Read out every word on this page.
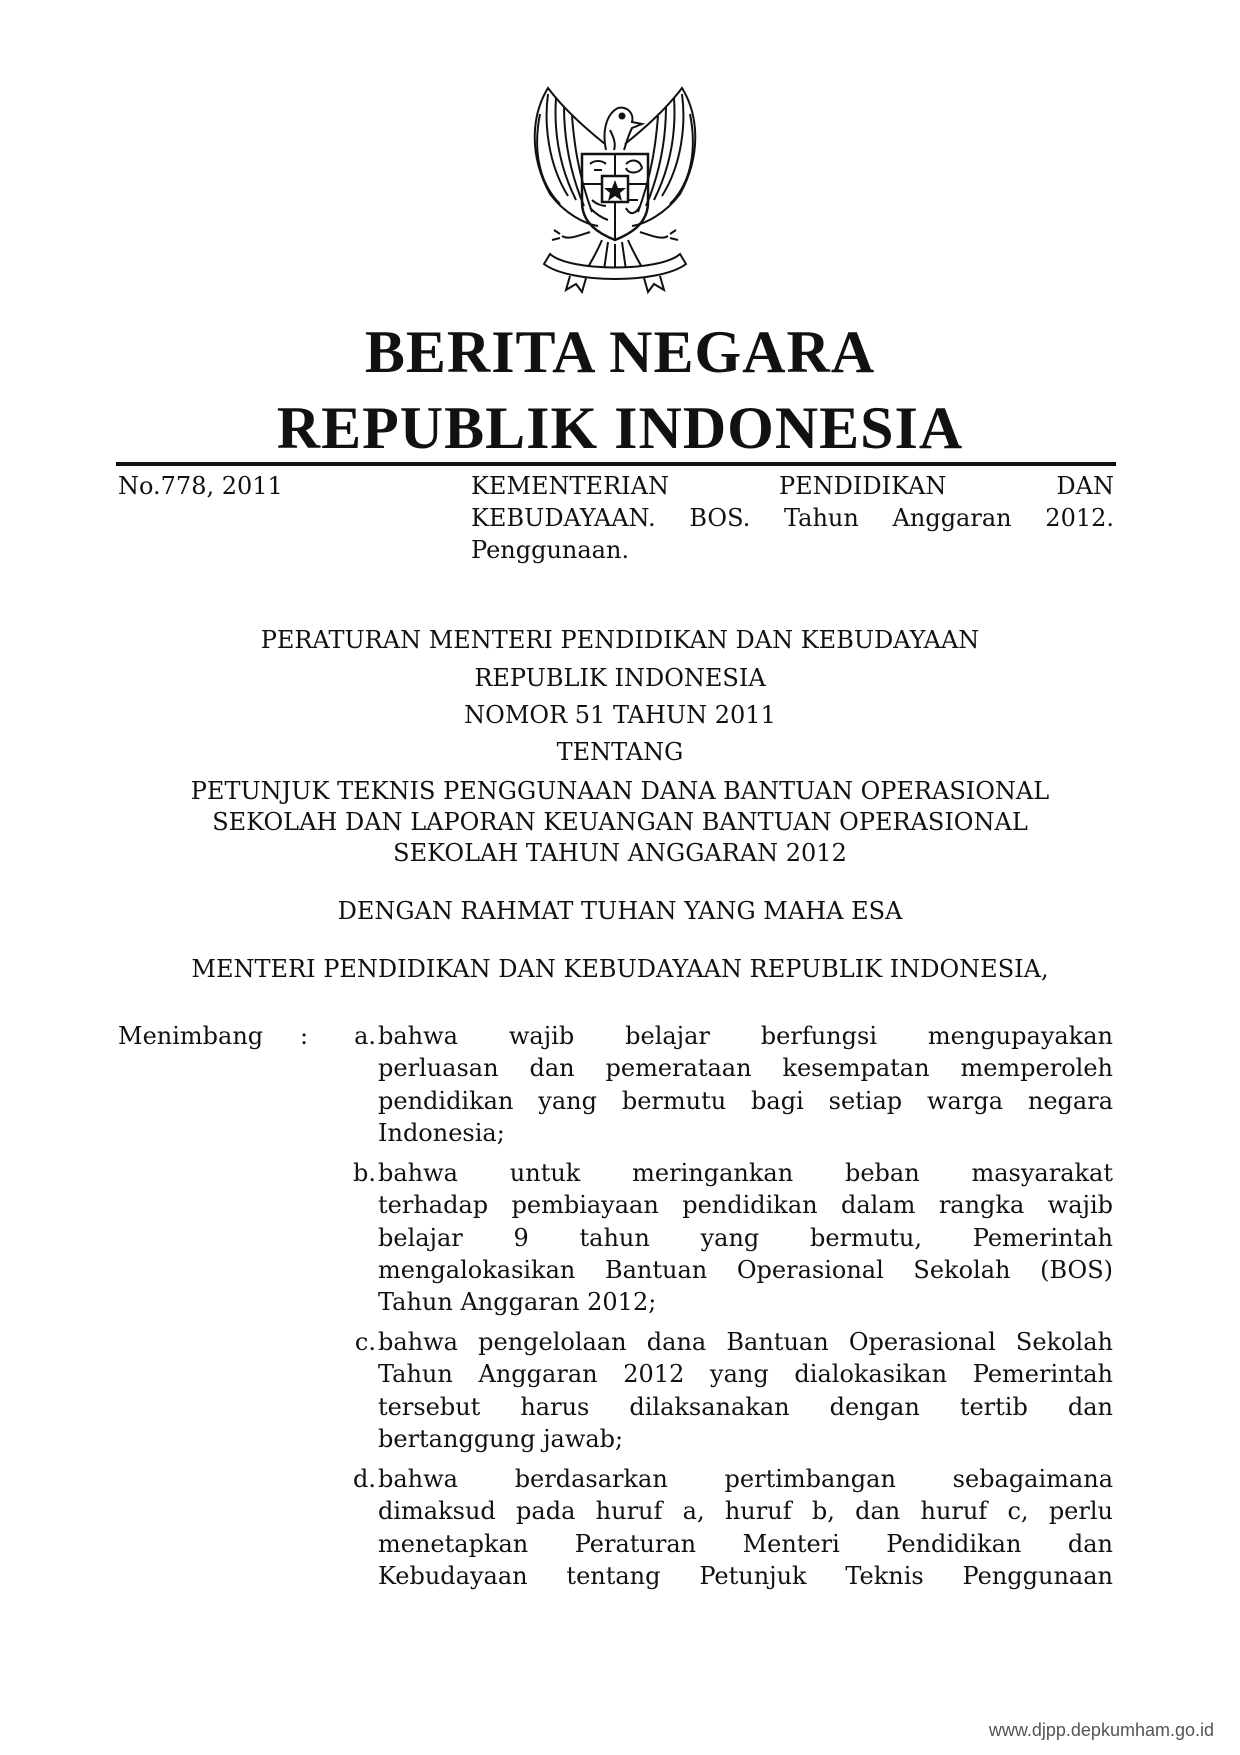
BERITA NEGARA
REPUBLIK INDONESIA
No.778, 2011	KEMENTERIAN PENDIDIKAN DAN
KEBUDAYAAN. BOS. Tahun Anggaran 2012.
Penggunaan.
PERATURAN MENTERI PENDIDIKAN DAN KEBUDAYAAN
REPUBLIK INDONESIA
NOMOR 51 TAHUN 2011
TENTANG
PETUNJUK TEKNIS PENGGUNAAN DANA BANTUAN OPERASIONAL
SEKOLAH DAN LAPORAN KEUANGAN BANTUAN OPERASIONAL
SEKOLAH TAHUN ANGGARAN 2012
DENGAN RAHMAT TUHAN YANG MAHA ESA
MENTERI PENDIDIKAN DAN KEBUDAYAAN REPUBLIK INDONESIA,
Menimbang :	a. bahwa wajib belajar berfungsi mengupayakan
perluasan dan pemerataan kesempatan memperoleh
pendidikan yang bermutu bagi setiap warga negara
Indonesia;
b. bahwa untuk meringankan beban masyarakat
terhadap pembiayaan pendidikan dalam rangka wajib
belajar 9 tahun yang bermutu, Pemerintah
mengalokasikan Bantuan Operasional Sekolah (BOS)
Tahun Anggaran 2012;
c. bahwa pengelolaan dana Bantuan Operasional Sekolah
Tahun Anggaran 2012 yang dialokasikan Pemerintah
tersebut harus dilaksanakan dengan tertib dan
bertanggung jawab;
d. bahwa berdasarkan pertimbangan sebagaimana
dimaksud pada huruf a, huruf b, dan huruf c, perlu
menetapkan Peraturan Menteri Pendidikan dan
Kebudayaan tentang Petunjuk Teknis Penggunaan
www.djpp.depkumham.go.id
